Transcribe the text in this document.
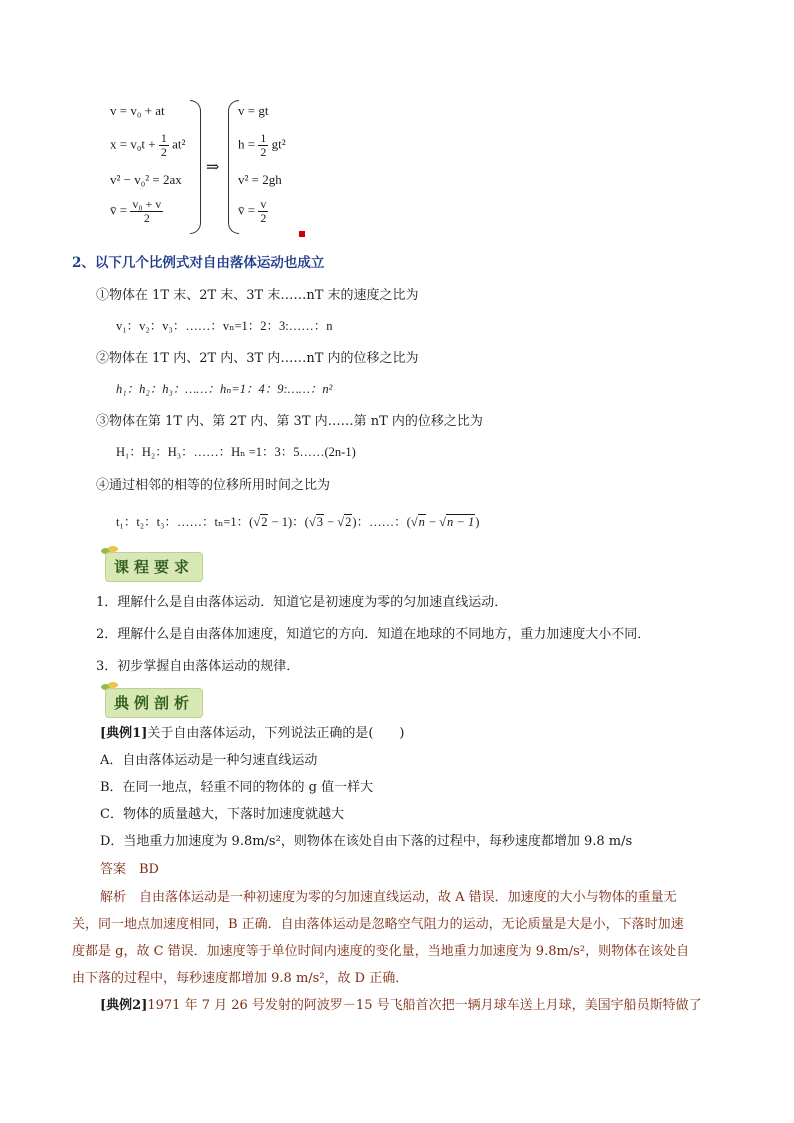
v = v₀ + at
$x = v_0t + \frac{1}{2} at^2$
v² − v₀² = 2ax
v̄ = $\frac{\text{v₀ + v}}{2}$
⇒
v = gt
$h = \frac{1}{2} gt^2$
v² = 2gh
v̄ = $\frac{v}{2}$
2、以下几个比例式对自由落体运动也成立
①物体在 1T 末、2T 末、3T 末……nT 末的速度之比为
v₁：v₂：v₃：……：vₙ=1：2：3:……：n
②物体在 1T 内、2T 内、3T 内……nT 内的位移之比为
h₁：h₂：h₃：……：hₙ=1：4：9:……：n²
③物体在第 1T 内、第 2T 内、第 3T 内……第 nT 内的位移之比为
H₁：H₂：H₃：……：Hₙ =1：3：5……(2n-1)
④通过相邻的相等的位移所用时间之比为
t₁：t₂：t₃：……：tₙ=1：(√2 − 1)：(√3 − √2)：……：(√n − √n − 1)
课程要求
1．理解什么是自由落体运动．知道它是初速度为零的匀加速直线运动．
2．理解什么是自由落体加速度，知道它的方向．知道在地球的不同地方，重力加速度大小不同．
3．初步掌握自由落体运动的规律．
典例剖析
[典例1]关于自由落体运动，下列说法正确的是(　　)
A．自由落体运动是一种匀速直线运动
B．在同一地点，轻重不同的物体的 g 值一样大
C．物体的质量越大，下落时加速度就越大
D．当地重力加速度为 9.8m/s²，则物体在该处自由下落的过程中，每秒速度都增加 9.8 m/s
答案　BD
解析　自由落体运动是一种初速度为零的匀加速直线运动，故 A 错误．加速度的大小与物体的重量无
关，同一地点加速度相同，B 正确．自由落体运动是忽略空气阻力的运动，无论质量是大是小，下落时加速
度都是 g，故 C 错误．加速度等于单位时间内速度的变化量，当地重力加速度为 9.8m/s²，则物体在该处自
由下落的过程中，每秒速度都增加 9.8 m/s²，故 D 正确．
[典例2]1971 年 7 月 26 号发射的阿波罗－15 号飞船首次把一辆月球车送上月球，美国宇船员斯特做了
